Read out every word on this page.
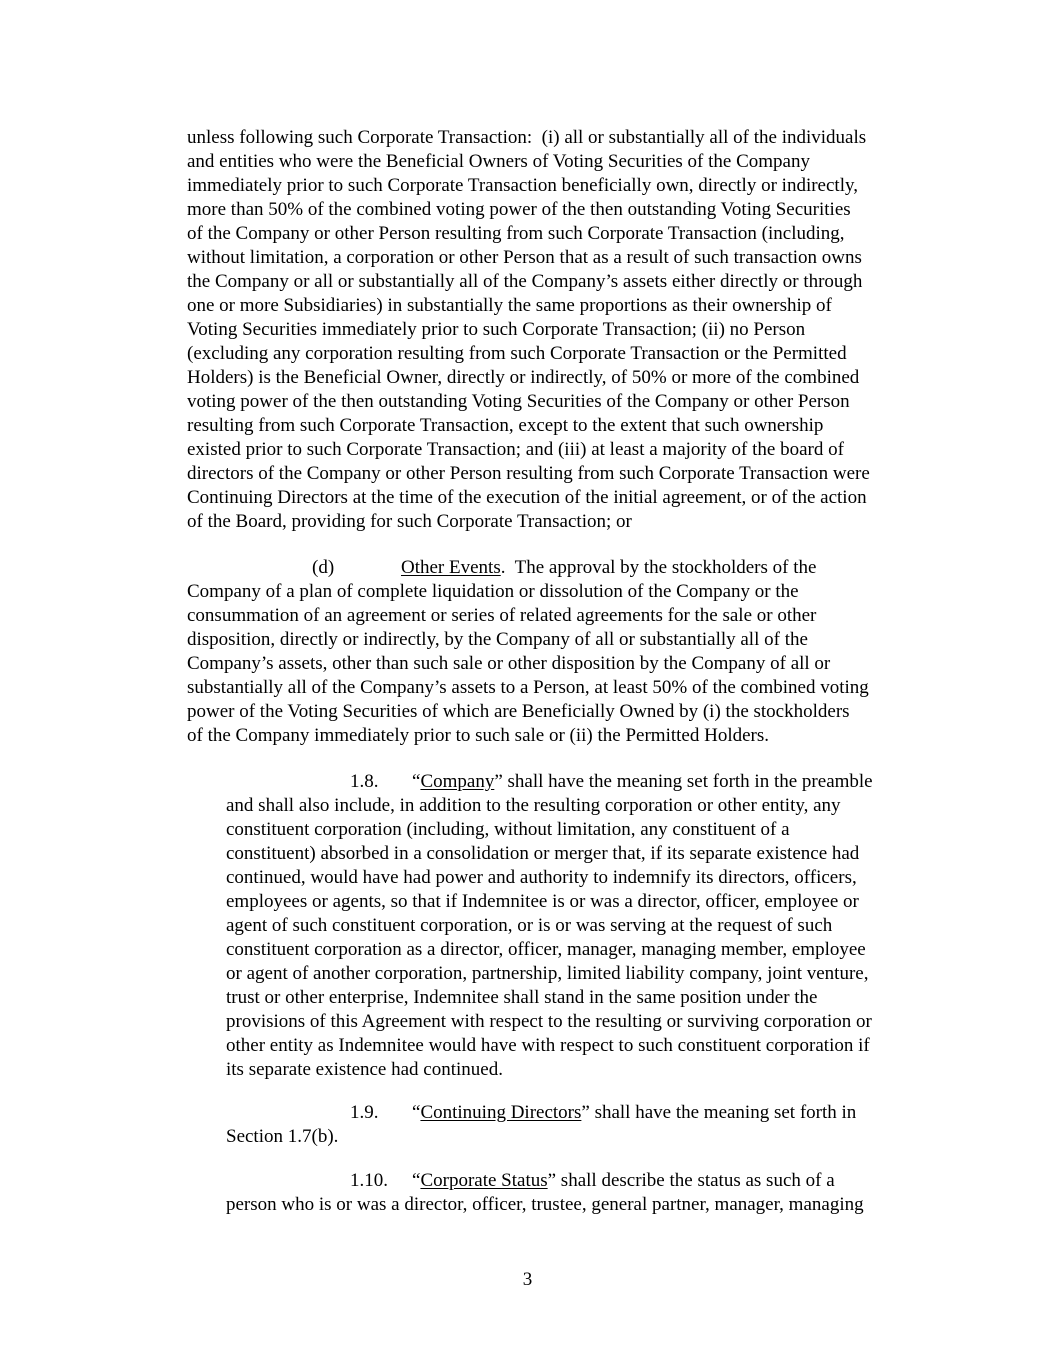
unless following such Corporate Transaction:  (i) all or substantially all of the individuals
and entities who were the Beneficial Owners of Voting Securities of the Company
immediately prior to such Corporate Transaction beneficially own, directly or indirectly,
more than 50% of the combined voting power of the then outstanding Voting Securities
of the Company or other Person resulting from such Corporate Transaction (including,
without limitation, a corporation or other Person that as a result of such transaction owns
the Company or all or substantially all of the Company’s assets either directly or through
one or more Subsidiaries) in substantially the same proportions as their ownership of
Voting Securities immediately prior to such Corporate Transaction; (ii) no Person
(excluding any corporation resulting from such Corporate Transaction or the Permitted
Holders) is the Beneficial Owner, directly or indirectly, of 50% or more of the combined
voting power of the then outstanding Voting Securities of the Company or other Person
resulting from such Corporate Transaction, except to the extent that such ownership
existed prior to such Corporate Transaction; and (iii) at least a majority of the board of
directors of the Company or other Person resulting from such Corporate Transaction were
Continuing Directors at the time of the execution of the initial agreement, or of the action
of the Board, providing for such Corporate Transaction; or
(d)	Other Events.  The approval by the stockholders of the
Company of a plan of complete liquidation or dissolution of the Company or the
consummation of an agreement or series of related agreements for the sale or other
disposition, directly or indirectly, by the Company of all or substantially all of the
Company’s assets, other than such sale or other disposition by the Company of all or
substantially all of the Company’s assets to a Person, at least 50% of the combined voting
power of the Voting Securities of which are Beneficially Owned by (i) the stockholders
of the Company immediately prior to such sale or (ii) the Permitted Holders.
1.8. “Company” shall have the meaning set forth in the preamble
and shall also include, in addition to the resulting corporation or other entity, any
constituent corporation (including, without limitation, any constituent of a
constituent) absorbed in a consolidation or merger that, if its separate existence had
continued, would have had power and authority to indemnify its directors, officers,
employees or agents, so that if Indemnitee is or was a director, officer, employee or
agent of such constituent corporation, or is or was serving at the request of such
constituent corporation as a director, officer, manager, managing member, employee
or agent of another corporation, partnership, limited liability company, joint venture,
trust or other enterprise, Indemnitee shall stand in the same position under the
provisions of this Agreement with respect to the resulting or surviving corporation or
other entity as Indemnitee would have with respect to such constituent corporation if
its separate existence had continued.
1.9. “Continuing Directors” shall have the meaning set forth in
Section 1.7(b).
1.10. “Corporate Status” shall describe the status as such of a
person who is or was a director, officer, trustee, general partner, manager, managing
3
